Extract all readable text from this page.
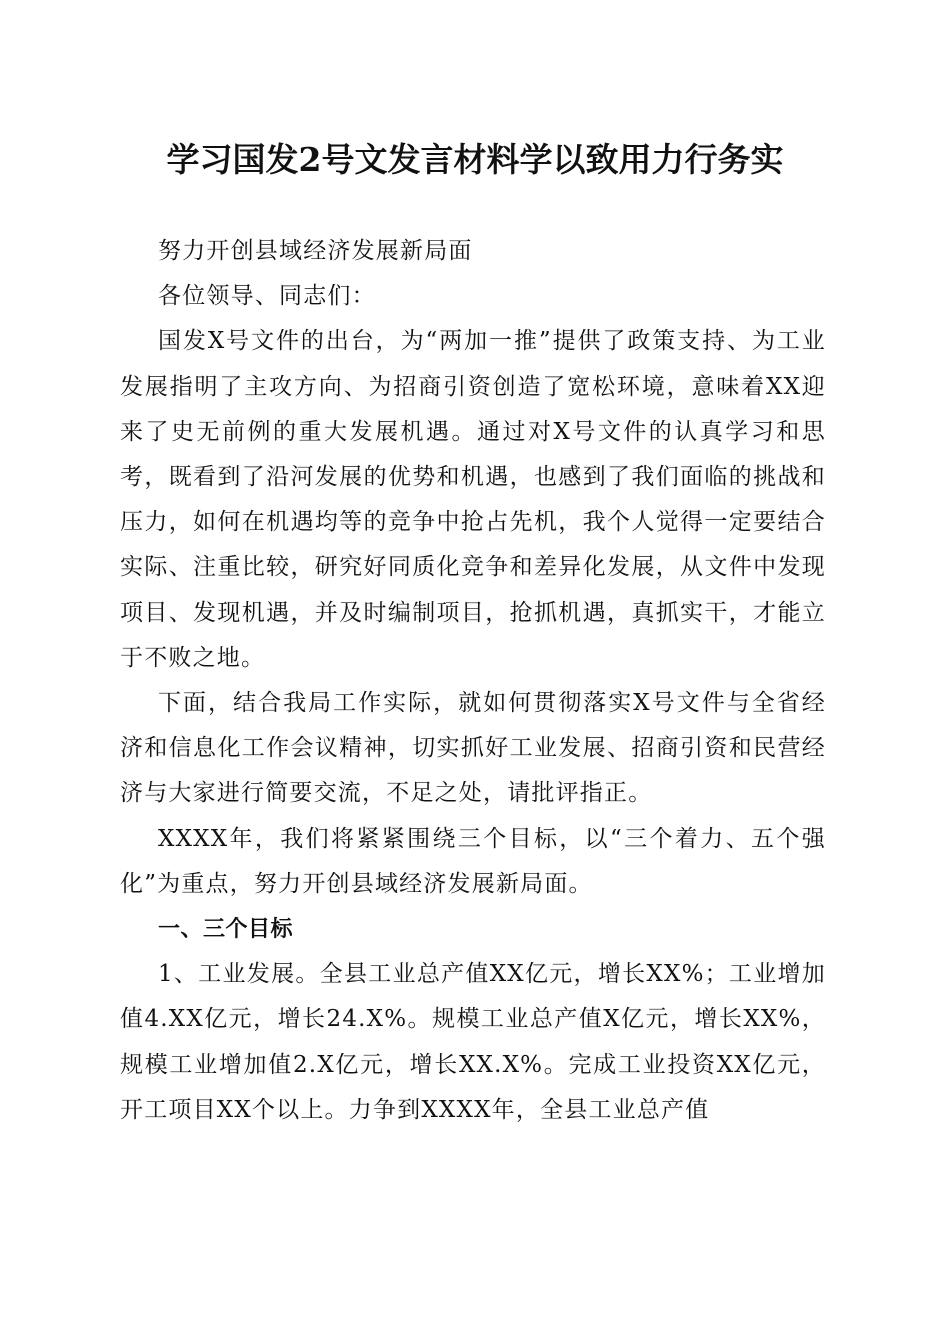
学习国发2号文发言材料学以致用力行务实

努力开创县域经济发展新局面

各位领导、同志们：

国发X号文件的出台，为“两加一推”提供了政策支持、为工业发展指明了主攻方向、为招商引资创造了宽松环境，意味着XX迎来了史无前例的重大发展机遇。通过对X号文件的认真学习和思考，既看到了沿河发展的优势和机遇，也感到了我们面临的挑战和压力，如何在机遇均等的竞争中抢占先机，我个人觉得一定要结合实际、注重比较，研究好同质化竞争和差异化发展，从文件中发现项目、发现机遇，并及时编制项目，抢抓机遇，真抓实干，才能立于不败之地。

下面，结合我局工作实际，就如何贯彻落实X号文件与全省经济和信息化工作会议精神，切实抓好工业发展、招商引资和民营经济与大家进行简要交流，不足之处，请批评指正。

XXXX年，我们将紧紧围绕三个目标，以“三个着力、五个强化”为重点，努力开创县域经济发展新局面。

一、三个目标

1、工业发展。全县工业总产值XX亿元，增长XX%；工业增加值4.XX亿元，增长24.X%。规模工业总产值X亿元，增长XX%，规模工业增加值2.X亿元，增长XX.X%。完成工业投资XX亿元，开工项目XX个以上。力争到XXXX年，全县工业总产值
